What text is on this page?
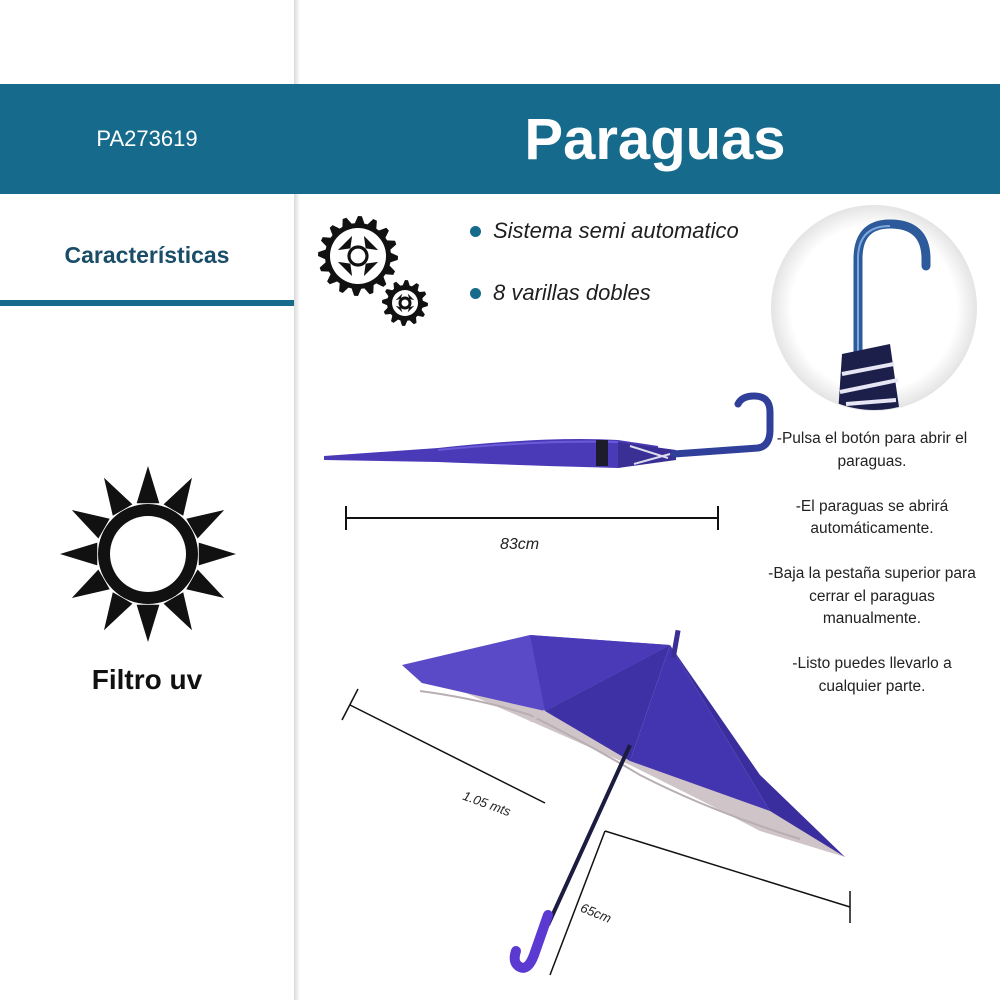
PA273619	Paraguas
Características
Filtro uv
Sistema semi automatico
8 varillas dobles
83cm

-Pulsa el botón para abrir el paraguas.

-El paraguas se abrirá automáticamente.

-Baja la pestaña superior para cerrar el paraguas manualmente.

-Listo puedes llevarlo a cualquier parte.

1.05 mts
65cm
